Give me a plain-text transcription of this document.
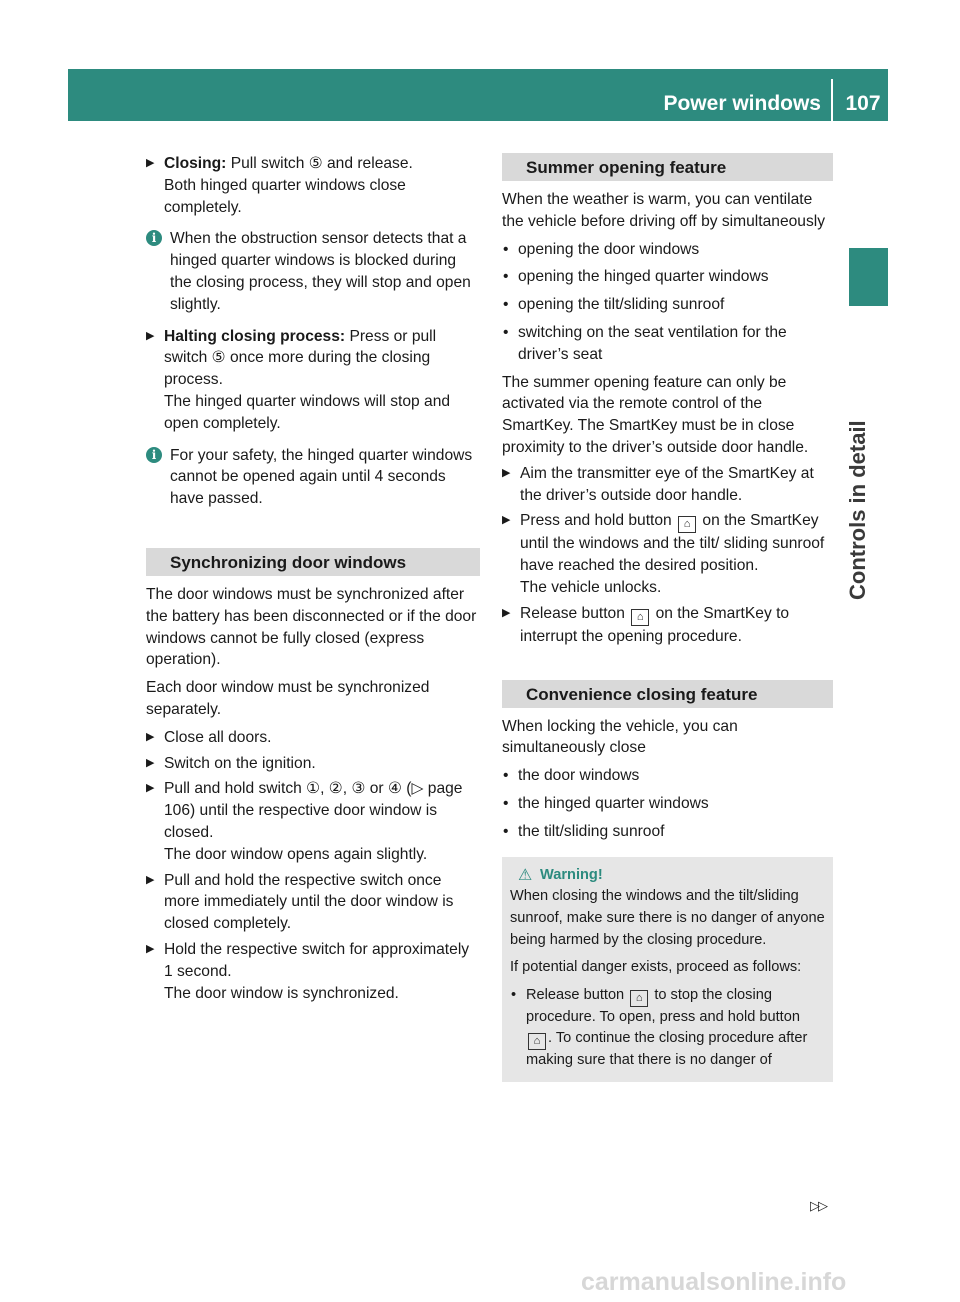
Power windows	107
Controls in detail
▶ Closing: Pull switch ⑤ and release.

Both hinged quarter windows close completely.

i When the obstruction sensor detects that a hinged quarter windows is blocked during the closing process, they will stop and open slightly.

▶ Halting closing process: Press or pull switch ⑤ once more during the closing process.

The hinged quarter windows will stop and open completely.

i For your safety, the hinged quarter windows cannot be opened again until 4 seconds have passed.

Synchronizing door windows

The door windows must be synchronized after the battery has been disconnected or if the door windows cannot be fully closed (express operation).

Each door window must be synchronized separately.

▶ Close all doors.

▶ Switch on the ignition.

▶ Pull and hold switch ①, ②, ③ or ④ (▷ page 106) until the respective door window is closed.

The door window opens again slightly.

▶ Pull and hold the respective switch once more immediately until the door window is closed completely.

▶ Hold the respective switch for approximately 1 second.

The door window is synchronized.

Summer opening feature

When the weather is warm, you can ventilate the vehicle before driving off by simultaneously

• opening the door windows
• opening the hinged quarter windows
• opening the tilt/sliding sunroof
• switching on the seat ventilation for the driver’s seat

The summer opening feature can only be activated via the remote control of the SmartKey. The SmartKey must be in close proximity to the driver’s outside door handle.

▶ Aim the transmitter eye of the SmartKey at the driver’s outside door handle.

▶ Press and hold button ⌂ on the SmartKey until the windows and the tilt/ sliding sunroof have reached the desired position.

The vehicle unlocks.

▶ Release button ⌂ on the SmartKey to interrupt the opening procedure.

Convenience closing feature

When locking the vehicle, you can simultaneously close

• the door windows
• the hinged quarter windows
• the tilt/sliding sunroof
⚠ Warning!

When closing the windows and the tilt/sliding sunroof, make sure there is no danger of anyone being harmed by the closing procedure.

If potential danger exists, proceed as follows:

• Release button ⌂ to stop the closing procedure. To open, press and hold button ⌂ . To continue the closing procedure after making sure that there is no danger of
▷▷
carmanualsonline.info
